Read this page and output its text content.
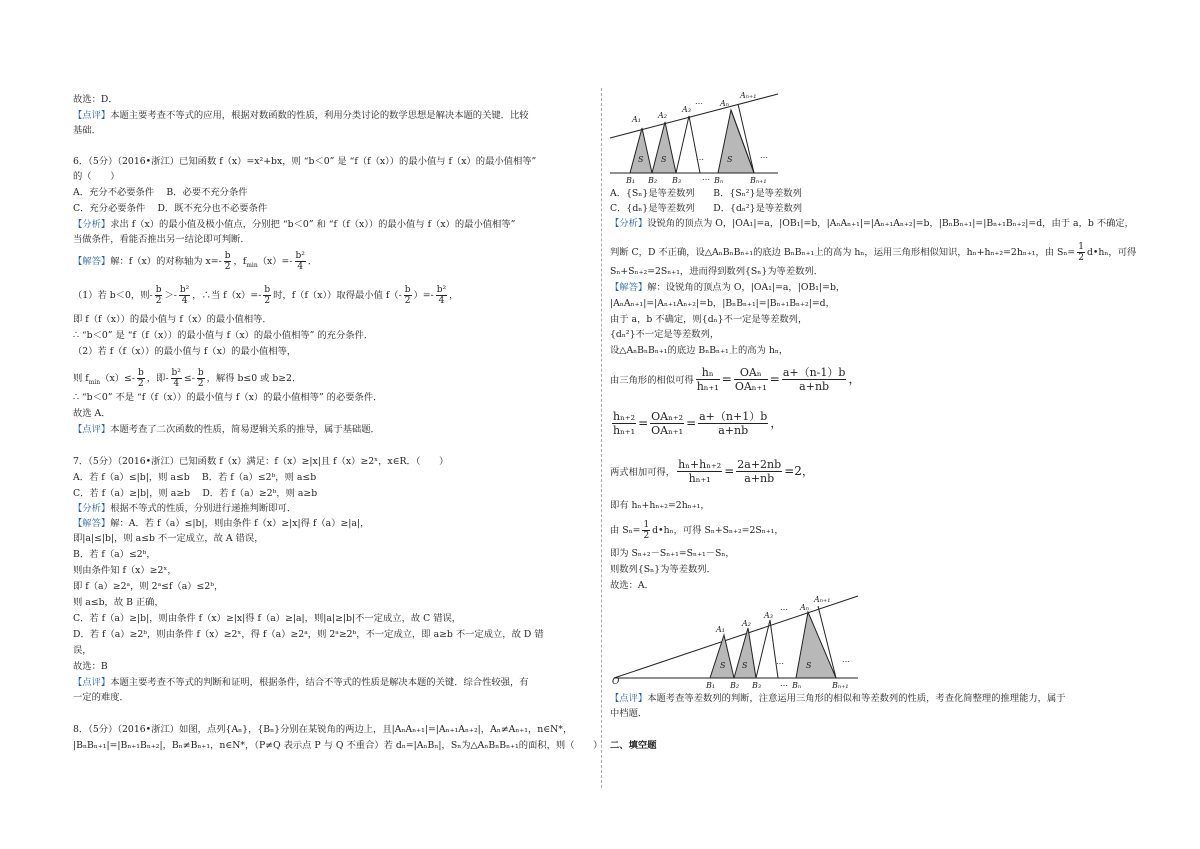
故选：D．
【点评】本题主要考查不等式的应用，根据对数函数的性质，利用分类讨论的数学思想是解决本题的关键．比较
基础．
6．（5分）（2016•浙江）已知函数 f（x）=x²+bx，则 “b＜0” 是 “f（f（x））的最小值与 f（x）的最小值相等”
的（　　）
A．充分不必要条件　 B．必要不充分条件
C．充分必要条件　 D．既不充分也不必要条件
【分析】求出 f（x）的最小值及极小值点，分别把 “b＜0” 和 “f（f（x））的最小值与 f（x）的最小值相等”
当做条件，看能否推出另一结论即可判断．
【解答】解：f（x）的对称轴为 $x=- \frac{b}{2}$ ，$f_{min}(x)=- \frac{\text{b²}}{4}$ ．
（1）若 b＜0，则- $\frac{b}{2} >- \frac{\text{b²}}{4}$ ，∴当 $f(x)=- \frac{b}{2}$ 时，f（f（x））取得最小值 $f(- \frac{b}{2}$ ）=- $\frac{\text{b²}}{4}$ ，
即 f（f（x））的最小值与 f（x）的最小值相等．
∴ “b＜0” 是 “f（f（x））的最小值与 f（x）的最小值相等” 的充分条件．
（2）若 f（f（x））的最小值与 f（x）的最小值相等，
则 $f_{min}(x)\le- \frac{b}{2}$ ，即- $\frac{\text{b²}}{4} \le- \frac{b}{2}$ ，解得 b≤0 或 b≥2．
∴ “b＜0” 不是 “f（f（x））的最小值与 f（x）的最小值相等” 的必要条件．
故选 A．
【点评】本题考查了二次函数的性质，简易逻辑关系的推导，属于基础题．
7．（5分）（2016•浙江）已知函数 f（x）满足：f（x）≥|x|且 f（x）≥2ˣ，x∈R．（　　）
A．若 f（a）≤|b|，则 a≤b　 B．若 f（a）≤2ᵇ，则 a≤b
C．若 f（a）≥|b|，则 a≥b　 D．若 f（a）≥2ᵇ，则 a≥b
【分析】根据不等式的性质，分别进行递推判断即可．
【解答】解：A．若 f（a）≤|b|，则由条件 f（x）≥|x|得 f（a）≥|a|，
即|a|≤|b|，则 a≤b 不一定成立，故 A 错误，
B．若 f（a）≤2ᵇ，
则由条件知 f（x）≥2ˣ，
即 f（a）≥2ᵃ，则 2ᵃ≤f（a）≤2ᵇ，
则 a≤b，故 B 正确，
C．若 f（a）≥|b|，则由条件 f（x）≥|x|得 f（a）≥|a|，则|a|≥|b|不一定成立，故 C 错误，
D．若 f（a）≥2ᵇ，则由条件 f（x）≥2ˣ，得 f（a）≥2ᵃ，则 2ᵃ≥2ᵇ，不一定成立，即 a≥b 不一定成立，故 D 错
误，
故选：B
【点评】本题主要考查不等式的判断和证明，根据条件，结合不等式的性质是解决本题的关键．综合性较强，有
一定的难度．
8．（5分）（2016•浙江）如图，点列{Aₙ}，{Bₙ}分别在某锐角的两边上，且|AₙAₙ₊₁|=|Aₙ₊₁Aₙ₊₂|，Aₙ≠Aₙ₊₁，n∈N*，
|BₙBₙ₊₁|=|Bₙ₊₁Bₙ₊₂|，Bₙ≠Bₙ₊₁，n∈N*，（P≠Q 表示点 P 与 Q 不重合）若 dₙ=|AₙBₙ|，Sₙ为△AₙBₙBₙ₊₁的面积，则（　　）
A₁ A₂
A₃
Aₙ
Aₙ₊₁
B₁ B₂ B₃	Bₙ	Bₙ₊₁
S S	S
…
…
…
…
A．{Sₙ}是等差数列　　B．{Sₙ²}是等差数列
C．{dₙ}是等差数列　　D．{dₙ²}是等差数列
【分析】设锐角的顶点为 O，|OA₁|=a，|OB₁|=b，|AₙAₙ₊₁|=|Aₙ₊₁Aₙ₊₂|=b，|BₙBₙ₊₁|=|Bₙ₊₁Bₙ₊₂|=d，由于 a，b 不确定，
判断 C，D 不正确，设△AₙBₙBₙ₊₁的底边 BₙBₙ₊₁上的高为 hₙ，运用三角形相似知识，hₙ+hₙ₊₂=2hₙ₊₁，由 $S_n= \frac{1}{2}$ d•hₙ，可得
Sₙ+Sₙ₊₂=2Sₙ₊₁，进而得到数列{Sₙ}为等差数列．
【解答】解：设锐角的顶点为 O，|OA₁|=a，|OB₁|=b，
|AₙAₙ₊₁|=|Aₙ₊₁Aₙ₊₂|=b，|BₙBₙ₊₁|=|Bₙ₊₁Bₙ₊₂|=d，
由于 a，b 不确定，则{dₙ}不一定是等差数列，
{dₙ²}不一定是等差数列，
设△AₙBₙBₙ₊₁的底边 BₙBₙ₊₁上的高为 hₙ，
由三角形的相似可得 $\frac{\text{hₙ}}{\text{hₙ₊₁}} = \frac{\text{OAₙ}}{\text{OAₙ₊₁}} = \frac{a+(n-1)b}{a+nb}$ ，
$\frac{\text{hₙ₊₂}}{\text{hₙ₊₁}} = \frac{\text{OAₙ₊₂}}{\text{OAₙ₊₁}} = \frac{a+(n+1)b}{a+nb}$ ，
两式相加可得， $\frac{\text{hₙ+hₙ₊₂}}{\text{hₙ₊₁}} = \frac{2a+2nb}{a+nb} =2$，
即有 hₙ+hₙ₊₂=2hₙ₊₁，
由 $S_n= \frac{1}{2}$ d•hₙ，可得 Sₙ+Sₙ₊₂=2Sₙ₊₁，
即为 Sₙ₊₂－Sₙ₊₁=Sₙ₊₁－Sₙ，
则数列{Sₙ}为等差数列．
故选：A．
O
A₁
A₂
A₃
Aₙ
Aₙ₊₁
B₁ B₂ B₃	Bₙ	Bₙ₊₁
S S	S
…
…
…
…
【点评】本题考查等差数列的判断，注意运用三角形的相似和等差数列的性质，考查化简整理的推理能力，属于
中档题．
二、填空题
